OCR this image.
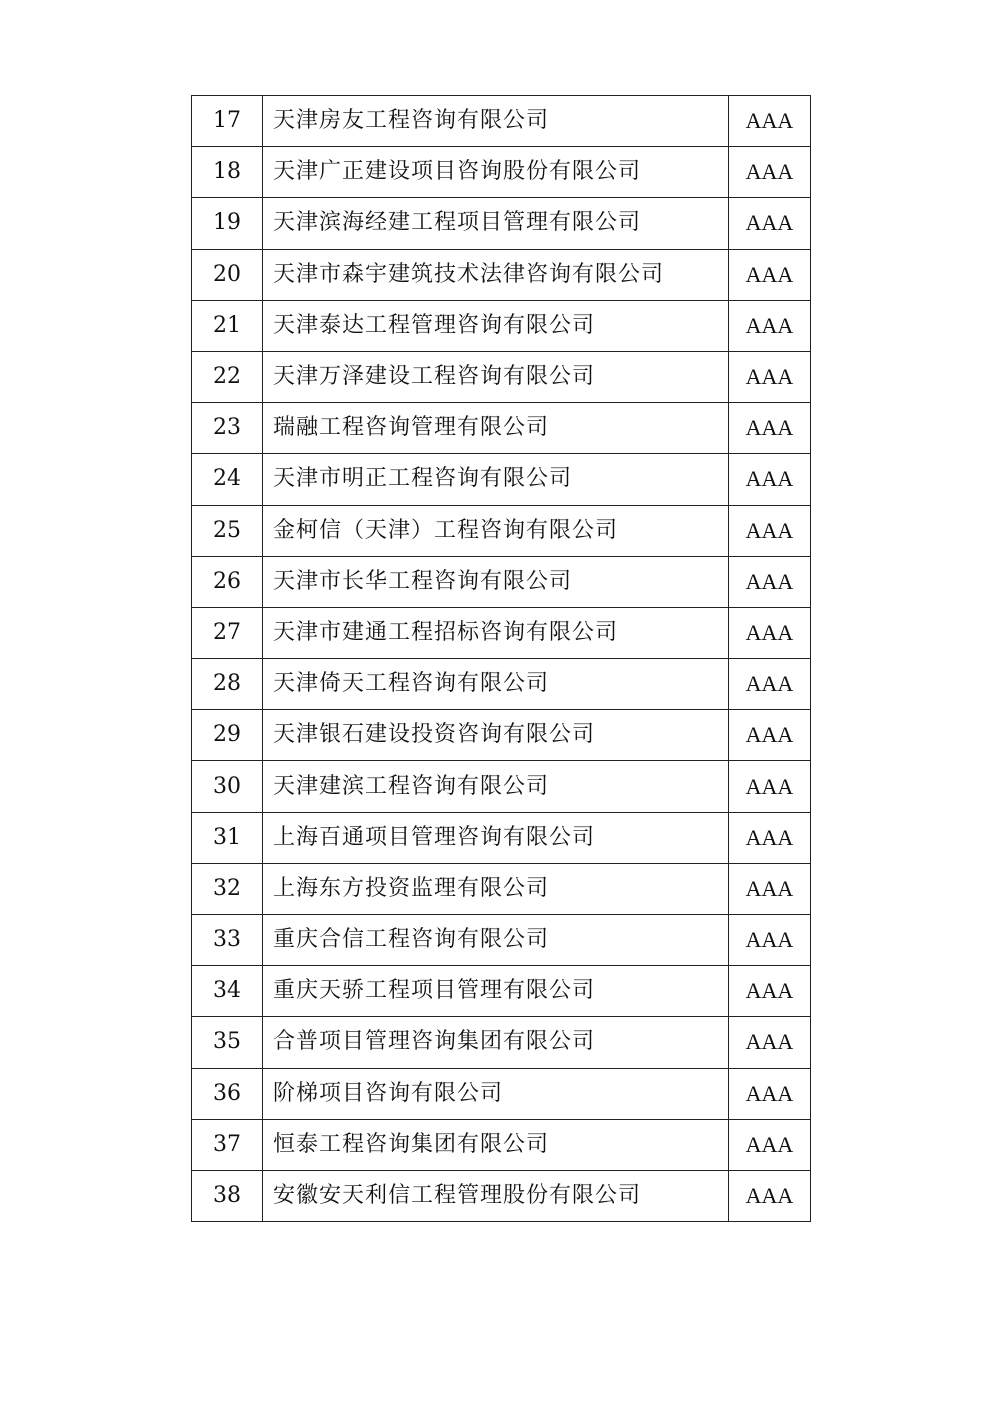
17	天津房友工程咨询有限公司	AAA
18	天津广正建设项目咨询股份有限公司	AAA
19	天津滨海经建工程项目管理有限公司	AAA
20	天津市森宇建筑技术法律咨询有限公司	AAA
21	天津泰达工程管理咨询有限公司	AAA
22	天津万泽建设工程咨询有限公司	AAA
23	瑞融工程咨询管理有限公司	AAA
24	天津市明正工程咨询有限公司	AAA
25	金柯信（天津）工程咨询有限公司	AAA
26	天津市长华工程咨询有限公司	AAA
27	天津市建通工程招标咨询有限公司	AAA
28	天津倚天工程咨询有限公司	AAA
29	天津银石建设投资咨询有限公司	AAA
30	天津建滨工程咨询有限公司	AAA
31	上海百通项目管理咨询有限公司	AAA
32	上海东方投资监理有限公司	AAA
33	重庆合信工程咨询有限公司	AAA
34	重庆天骄工程项目管理有限公司	AAA
35	合普项目管理咨询集团有限公司	AAA
36	阶梯项目咨询有限公司	AAA
37	恒泰工程咨询集团有限公司	AAA
38	安徽安天利信工程管理股份有限公司	AAA
